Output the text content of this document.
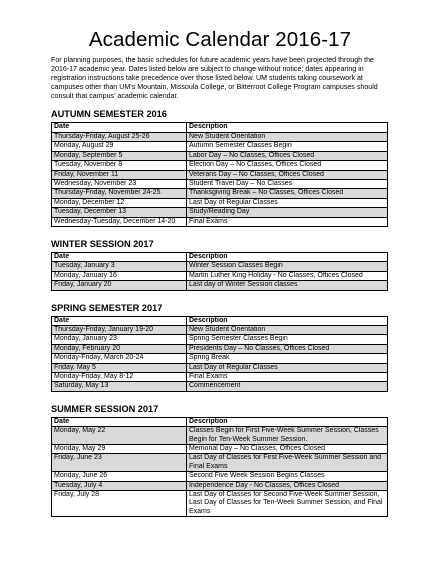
Academic Calendar 2016-17

For planning purposes, the basic schedules for future academic years have been projected through the 2016-17 academic year. Dates listed below are subject to change without notice; dates appearing in registration instructions take precedence over those listed below. UM students taking coursework at campuses other than UM’s Mountain, Missoula College, or Bitterroot College Program campuses should consult that campus’ academic calendar.

AUTUMN SEMESTER 2016
Date	Description
Thursday-Friday, August 25-26	New Student Orientation
Monday, August 29	Autumn Semester Classes Begin
Monday, September 5	Labor Day – No Classes, Offices Closed
Tuesday, November 8	Election Day – No Classes, Offices Closed
Friday, November 11	Veterans Day – No Classes, Offices Closed
Wednesday, November 23	Student Travel Day – No Classes
Thursday-Friday, November 24-25	Thanksgiving Break – No Classes, Offices Closed
Monday, December 12	Last Day of Regular Classes
Tuesday, December 13	Study/Reading Day
Wednesday-Tuesday, December 14-20	Final Exams
WINTER SESSION 2017
Date	Description
Tuesday, January 3	Winter Session Classes Begin
Monday, January 16	Martin Luther King Holiday - No Classes, Offices Closed
Friday, January 20	Last day of Winter Session classes
SPRING SEMESTER 2017
Date	Description
Thursday-Friday, January 19-20	New Student Orientation
Monday, January 23	Spring Semester Classes Begin
Monday, February 20	Presidents Day – No Classes, Offices Closed
Monday-Friday, March 20-24	Spring Break
Friday, May 5	Last Day of Regular Classes
Monday-Friday, May 8-12	Final Exams
Saturday, May 13	Commencement
SUMMER SESSION 2017
Date	Description
Monday, May 22	Classes Begin for First Five-Week Summer Session, Classes Begin for Ten-Week Summer Session.
Monday, May 29	Memorial Day – No Classes, Offices Closed
Friday, June 23	Last Day of Classes for First Five-Week Summer Session and Final Exams
Monday, June 26	Second Five Week Session Begins Classes
Tuesday, July 4	Independence Day - No Classes, Offices Closed
Friday, July 28	Last Day of Classes for Second Five-Week Summer Session, Last Day of Classes for Ten-Week Summer Session, and Final Exams
